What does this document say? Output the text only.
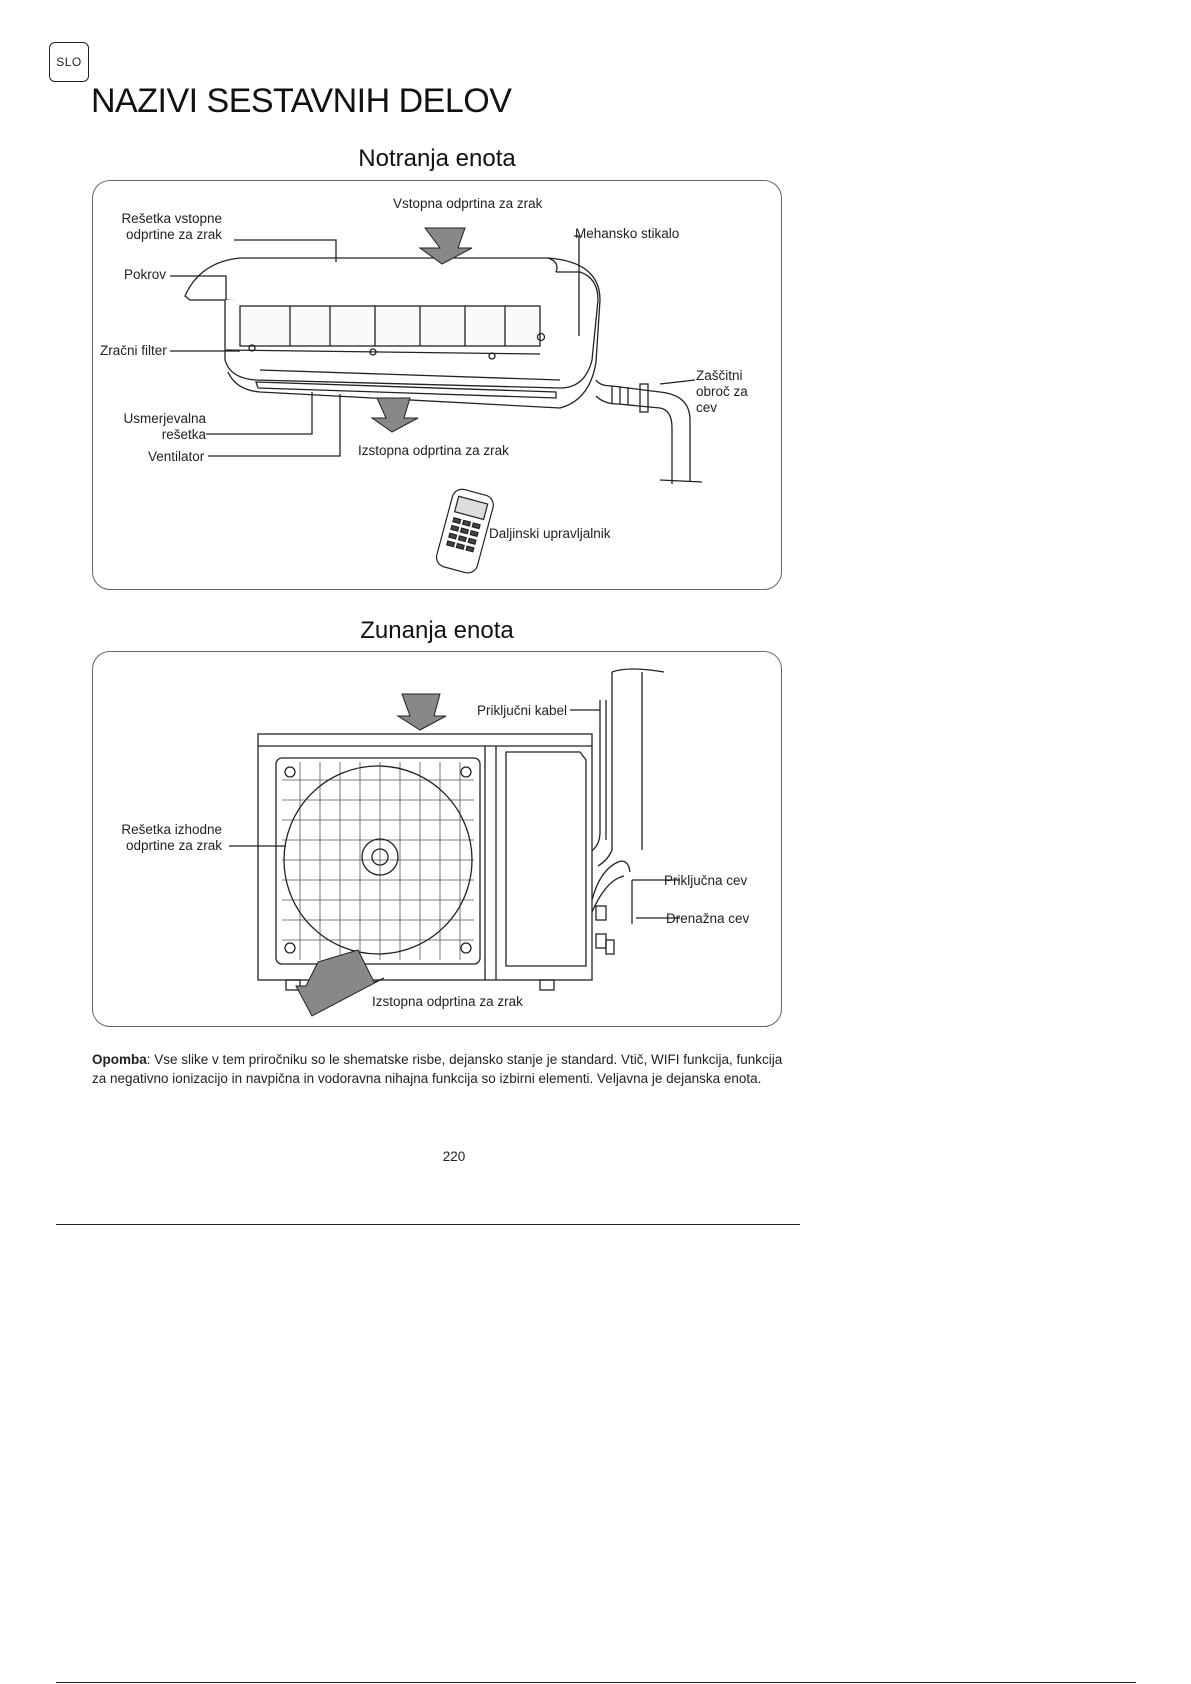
SLO
NAZIVI SESTAVNIH DELOV
Notranja enota
Rešetka vstopne
odprtine za zrak
Vstopna odprtina za zrak
Mehansko stikalo
Pokrov
Zračni filter
Zaščitni
obroč za
cev
Usmerjevalna
rešetka
Ventilator	Izstopna odprtina za zrak
Daljinski upravljalnik
Zunanja enota
Priključni kabel
Rešetka izhodne
odprtine za zrak
Priključna cev
Drenažna cev
Izstopna odprtina za zrak
Opomba: Vse slike v tem priročniku so le shematske risbe, dejansko stanje je standard. Vtič, WIFI funkcija, funkcija za negativno ionizacijo in navpična in vodoravna nihajna funkcija so izbirni elementi. Veljavna je dejanska enota.
220
